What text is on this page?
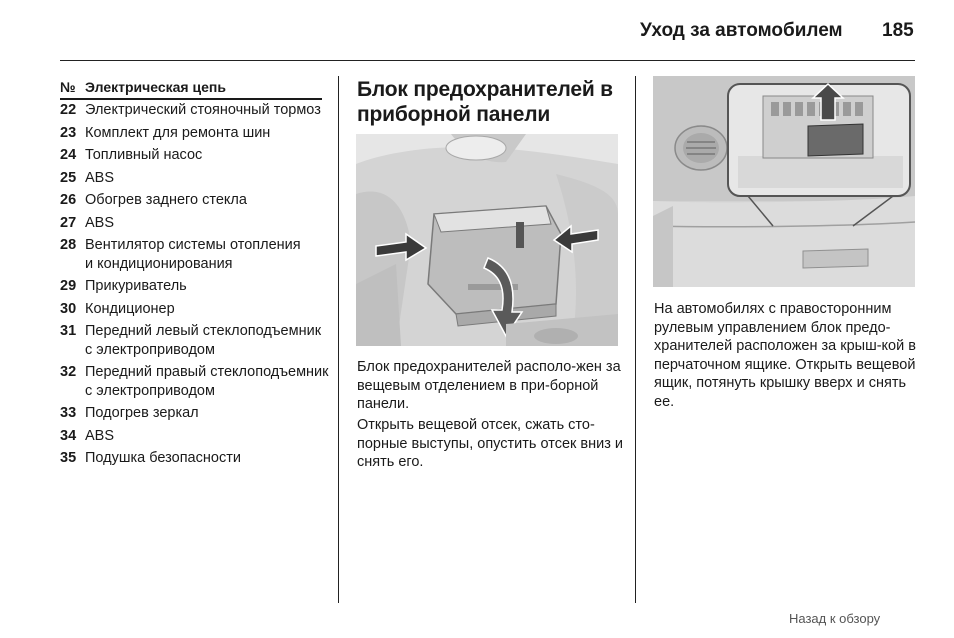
Уход за автомобилем 185
№ Электрическая цепь
22 Электрический стояночный тормоз
23 Комплект для ремонта шин
24 Топливный насос
25 ABS
26 Обогрев заднего стекла
27 ABS
28 Вентилятор системы отопления
и кондиционирования
29 Прикуриватель
30 Кондиционер
31 Передний левый стеклоподъемник
с электроприводом
32 Передний правый стеклоподъемник
с электроприводом
33 Подогрев зеркал
34 ABS
35 Подушка безопасности
Блок предохранителей в приборной панели
Блок предохранителей располо-жен за вещевым отделением в при-борной панели.
Открыть вещевой отсек, сжать сто-порные выступы, опустить отсек вниз и снять его.
На автомобилях с правосторонним рулевым управлением блок предо-хранителей расположен за крыш-кой в перчаточном ящике. Открыть вещевой ящик, потянуть крышку вверх и снять ее.
Назад к обзору
